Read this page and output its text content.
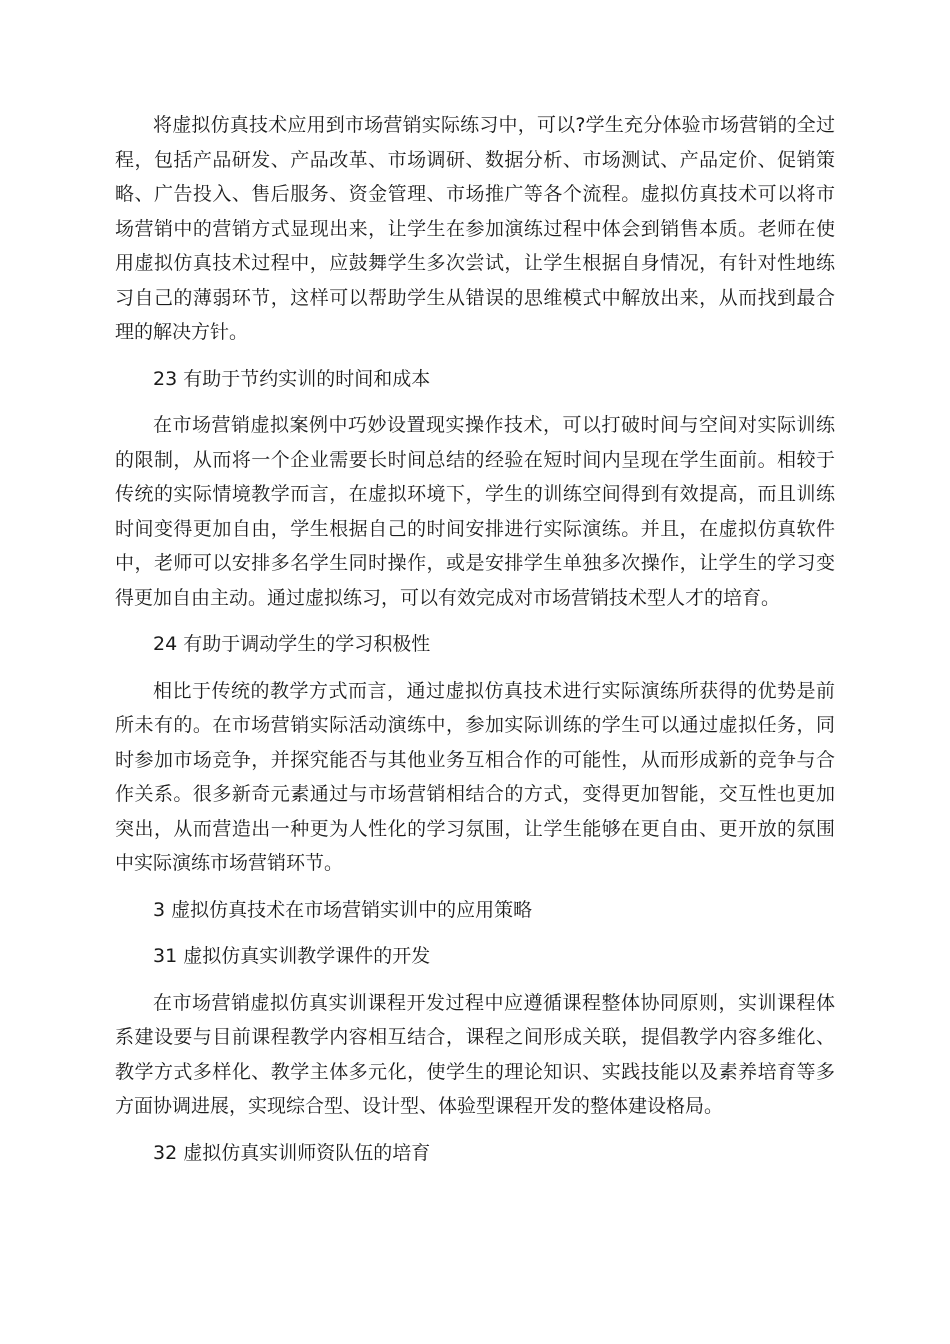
将虚拟仿真技术应用到市场营销实际练习中，可以?学生充分体验市场营销的全过程，包括产品研发、产品改革、市场调研、数据分析、市场测试、产品定价、促销策略、广告投入、售后服务、资金管理、市场推广等各个流程。虚拟仿真技术可以将市场营销中的营销方式显现出来，让学生在参加演练过程中体会到销售本质。老师在使用虚拟仿真技术过程中，应鼓舞学生多次尝试，让学生根据自身情况，有针对性地练习自己的薄弱环节，这样可以帮助学生从错误的思维模式中解放出来，从而找到最合理的解决方针。

23 有助于节约实训的时间和成本

在市场营销虚拟案例中巧妙设置现实操作技术，可以打破时间与空间对实际训练的限制，从而将一个企业需要长时间总结的经验在短时间内呈现在学生面前。相较于传统的实际情境教学而言，在虚拟环境下，学生的训练空间得到有效提高，而且训练时间变得更加自由，学生根据自己的时间安排进行实际演练。并且，在虚拟仿真软件中，老师可以安排多名学生同时操作，或是安排学生单独多次操作，让学生的学习变得更加自由主动。通过虚拟练习，可以有效完成对市场营销技术型人才的培育。

24 有助于调动学生的学习积极性

相比于传统的教学方式而言，通过虚拟仿真技术进行实际演练所获得的优势是前所未有的。在市场营销实际活动演练中，参加实际训练的学生可以通过虚拟任务，同时参加市场竞争，并探究能否与其他业务互相合作的可能性，从而形成新的竞争与合作关系。很多新奇元素通过与市场营销相结合的方式，变得更加智能，交互性也更加突出，从而营造出一种更为人性化的学习氛围，让学生能够在更自由、更开放的氛围中实际演练市场营销环节。

3 虚拟仿真技术在市场营销实训中的应用策略

31 虚拟仿真实训教学课件的开发

在市场营销虚拟仿真实训课程开发过程中应遵循课程整体协同原则，实训课程体系建设要与目前课程教学内容相互结合，课程之间形成关联，提倡教学内容多维化、教学方式多样化、教学主体多元化，使学生的理论知识、实践技能以及素养培育等多方面协调进展，实现综合型、设计型、体验型课程开发的整体建设格局。

32 虚拟仿真实训师资队伍的培育
